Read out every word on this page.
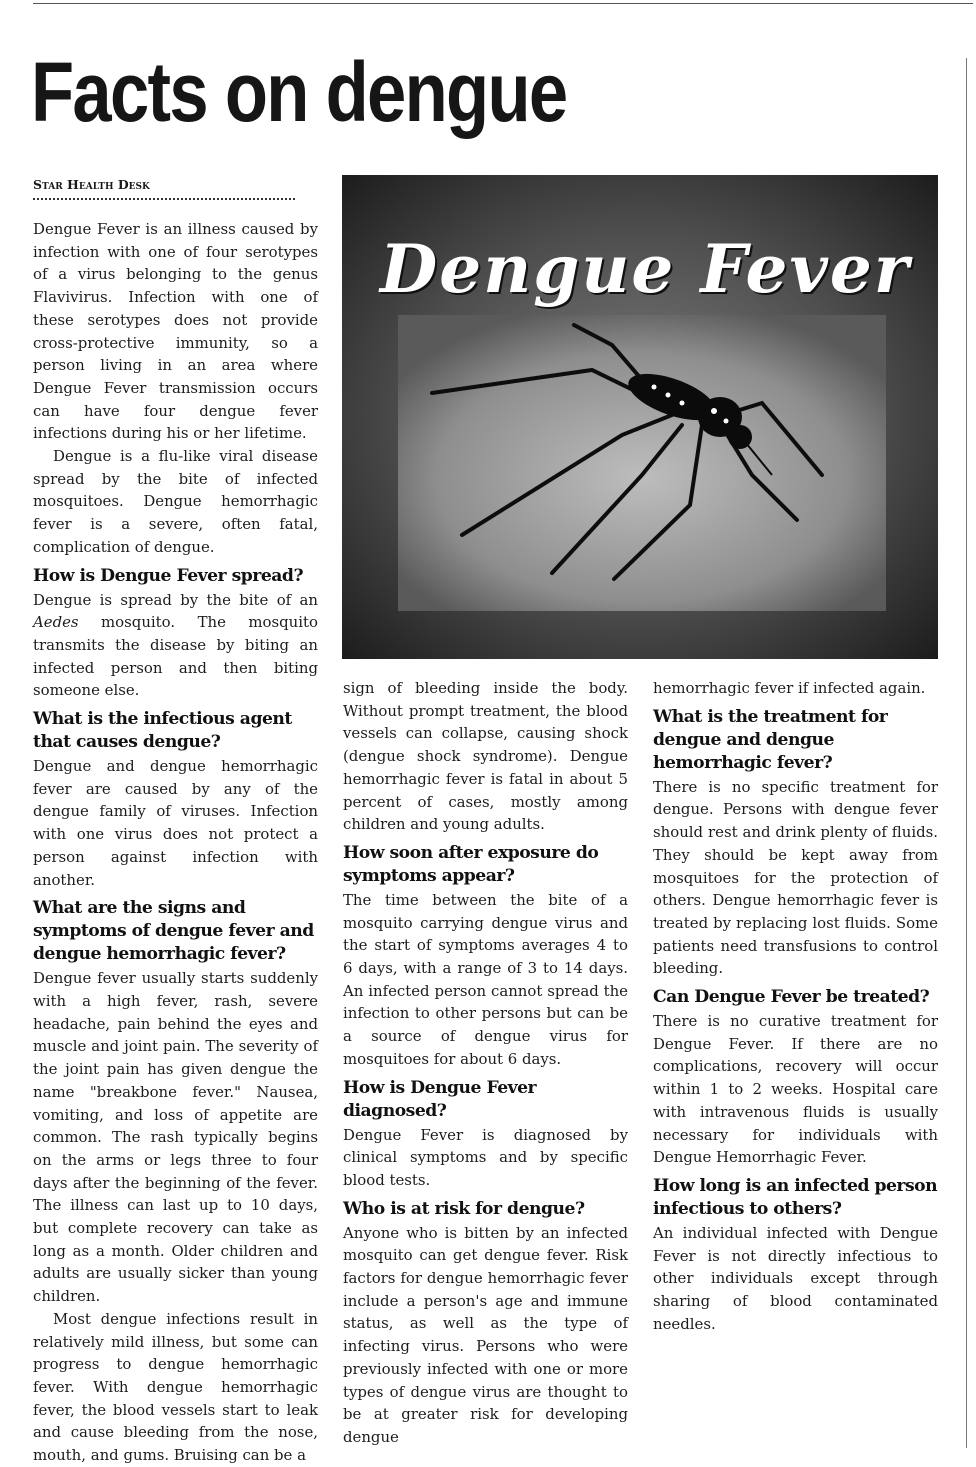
Facts on dengue
Star Health Desk

Dengue Fever is an illness caused by infection with one of four serotypes of a virus belonging to the genus Flavivirus. Infection with one of these serotypes does not provide cross-protective immunity, so a person living in an area where Dengue Fever transmission occurs can have four dengue fever infections during his or her lifetime.

Dengue is a flu-like viral disease spread by the bite of infected mosquitoes. Dengue hemorrhagic fever is a severe, often fatal, complication of dengue.

How is Dengue Fever spread?

Dengue is spread by the bite of an Aedes mosquito. The mosquito transmits the disease by biting an infected person and then biting someone else.

What is the infectious agent that causes dengue?

Dengue and dengue hemorrhagic fever are caused by any of the dengue family of viruses. Infection with one virus does not protect a person against infection with another.

What are the signs and symptoms of dengue fever and dengue hemorrhagic fever?

Dengue fever usually starts suddenly with a high fever, rash, severe headache, pain behind the eyes and muscle and joint pain. The severity of the joint pain has given dengue the name "breakbone fever." Nausea, vomiting, and loss of appetite are common. The rash typically begins on the arms or legs three to four days after the beginning of the fever. The illness can last up to 10 days, but complete recovery can take as long as a month. Older children and adults are usually sicker than young children.

Most dengue infections result in relatively mild illness, but some can progress to dengue hemorrhagic fever. With dengue hemorrhagic fever, the blood vessels start to leak and cause bleeding from the nose, mouth, and gums. Bruising can be a

Dengue Fever

sign of bleeding inside the body. Without prompt treatment, the blood vessels can collapse, causing shock (dengue shock syndrome). Dengue hemorrhagic fever is fatal in about 5 percent of cases, mostly among children and young adults.

How soon after exposure do symptoms appear?

The time between the bite of a mosquito carrying dengue virus and the start of symptoms averages 4 to 6 days, with a range of 3 to 14 days. An infected person cannot spread the infection to other persons but can be a source of dengue virus for mosquitoes for about 6 days.

How is Dengue Fever diagnosed?

Dengue Fever is diagnosed by clinical symptoms and by specific blood tests.

Who is at risk for dengue?

Anyone who is bitten by an infected mosquito can get dengue fever. Risk factors for dengue hemorrhagic fever include a person's age and immune status, as well as the type of infecting virus. Persons who were previously infected with one or more types of dengue virus are thought to be at greater risk for developing dengue

hemorrhagic fever if infected again.

What is the treatment for dengue and dengue hemorrhagic fever?

There is no specific treatment for dengue. Persons with dengue fever should rest and drink plenty of fluids. They should be kept away from mosquitoes for the protection of others. Dengue hemorrhagic fever is treated by replacing lost fluids. Some patients need transfusions to control bleeding.

Can Dengue Fever be treated?

There is no curative treatment for Dengue Fever. If there are no complications, recovery will occur within 1 to 2 weeks. Hospital care with intravenous fluids is usually necessary for individuals with Dengue Hemorrhagic Fever.

How long is an infected person infectious to others?

An individual infected with Dengue Fever is not directly infectious to other individuals except through sharing of blood contaminated needles.
